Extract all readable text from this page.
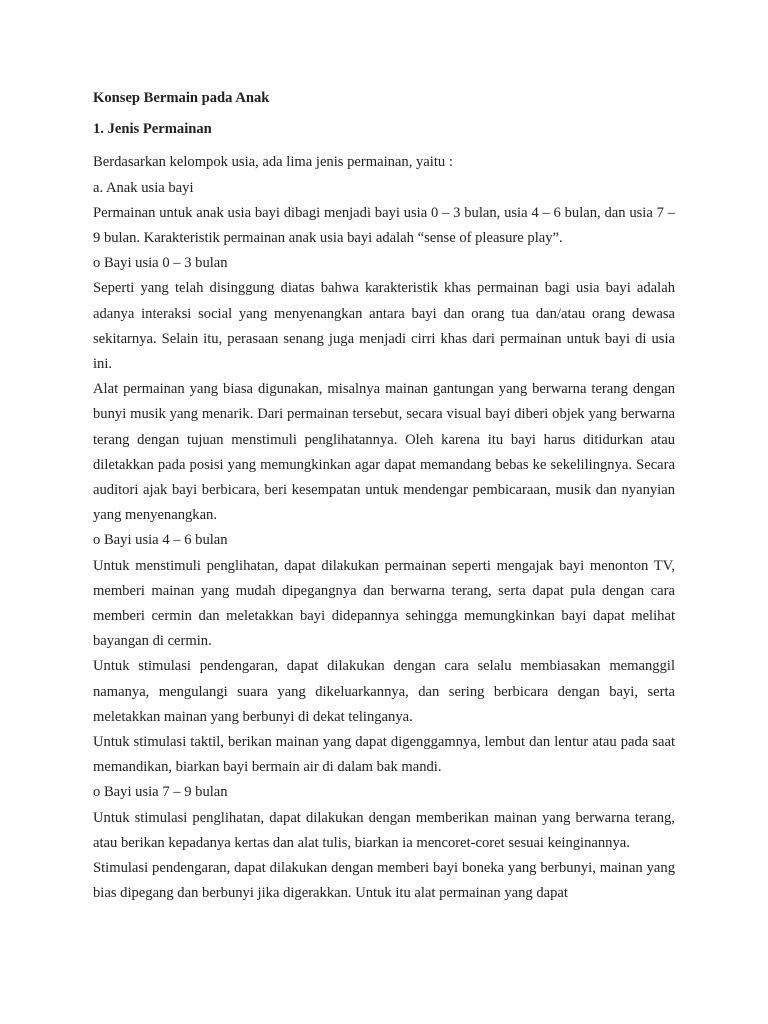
Konsep Bermain pada Anak

1. Jenis Permainan

Berdasarkan kelompok usia, ada lima jenis permainan, yaitu :

a. Anak usia bayi

Permainan untuk anak usia bayi dibagi menjadi bayi usia 0 – 3 bulan, usia 4 – 6 bulan, dan usia 7 – 9 bulan. Karakteristik permainan anak usia bayi adalah “sense of pleasure play”.

o Bayi usia 0 – 3 bulan

Seperti yang telah disinggung diatas bahwa karakteristik khas permainan bagi usia bayi adalah adanya interaksi social yang menyenangkan antara bayi dan orang tua dan/atau orang dewasa sekitarnya. Selain itu, perasaan senang juga menjadi cirri khas dari permainan untuk bayi di usia ini.

Alat permainan yang biasa digunakan, misalnya mainan gantungan yang berwarna terang dengan bunyi musik yang menarik. Dari permainan tersebut, secara visual bayi diberi objek yang berwarna terang dengan tujuan menstimuli penglihatannya. Oleh karena itu bayi harus ditidurkan atau diletakkan pada posisi yang memungkinkan agar dapat memandang bebas ke sekelilingnya. Secara auditori ajak bayi berbicara, beri kesempatan untuk mendengar pembicaraan, musik dan nyanyian yang menyenangkan.

o Bayi usia 4 – 6 bulan

Untuk menstimuli penglihatan, dapat dilakukan permainan seperti mengajak bayi menonton TV, memberi mainan yang mudah dipegangnya dan berwarna terang, serta dapat pula dengan cara memberi cermin dan meletakkan bayi didepannya sehingga memungkinkan bayi dapat melihat bayangan di cermin.

Untuk stimulasi pendengaran, dapat dilakukan dengan cara selalu membiasakan memanggil namanya, mengulangi suara yang dikeluarkannya, dan sering berbicara dengan bayi, serta meletakkan mainan yang berbunyi di dekat telinganya.

Untuk stimulasi taktil, berikan mainan yang dapat digenggamnya, lembut dan lentur atau pada saat memandikan, biarkan bayi bermain air di dalam bak mandi.

o Bayi usia 7 – 9 bulan

Untuk stimulasi penglihatan, dapat dilakukan dengan memberikan mainan yang berwarna terang, atau berikan kepadanya kertas dan alat tulis, biarkan ia mencoret-coret sesuai keinginannya.

Stimulasi pendengaran, dapat dilakukan dengan memberi bayi boneka yang berbunyi, mainan yang bias dipegang dan berbunyi jika digerakkan. Untuk itu alat permainan yang dapat
